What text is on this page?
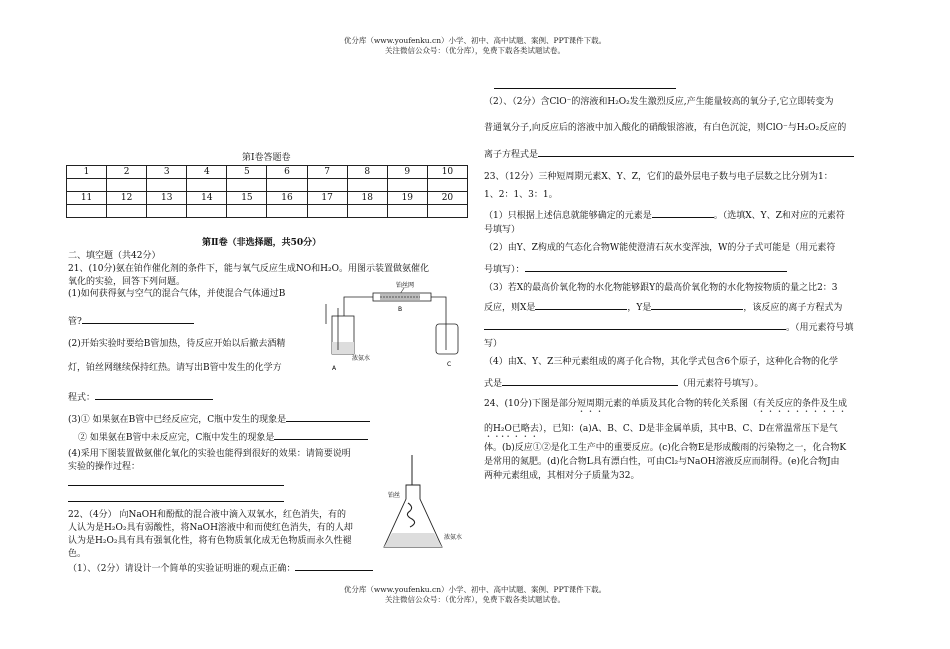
优分库（www.youfenku.cn）小学、初中、高中试题、案例、PPT课件下载。
关注微信公众号：（优分库），免费下载各类试题试卷。
第Ⅰ卷答题卷
1	2	3	4	5	6	7	8	9	10

11	12	13	14	15	16	17	18	19	20

第Ⅱ卷（非选择题，共50分）
二、填空题（共42分）
21、(10分)氨在铂作催化剂的条件下，能与氧气反应生成NO和H₂O。用图示装置做氨催化
氧化的实验，回答下列问题。
(1)如何获得氨与空气的混合气体，并使混合气体通过B
管?
(2)开始实验时要给B管加热，待反应开始以后撤去酒精
灯，铂丝网继续保持红热。请写出B管中发生的化学方
程式：
(3)① 如果氨在B管中已经反应完，C瓶中发生的现象是
② 如果氨在B管中未反应完，C瓶中发生的现象是
(4)采用下图装置做氨催化氧化的实验也能得到很好的效果：请简要说明
实验的操作过程：
22、（4分） 向NaOH和酚酞的混合液中滴入双氧水，红色消失，有的
人认为是H₂O₂具有弱酸性，将NaOH溶液中和而使红色消失，有的人却
认为是H₂O₂具有具有强氧化性，将有色物质氧化成无色物质而永久性褪
色。
（1）、（2分）请设计一个简单的实验证明谁的观点正确：
铂丝网
B
浓氨水
A
C
铂丝
浓氨水
（2）、（2分）含ClO⁻的溶液和H₂O₂发生激烈反应,产生能量较高的氧分子,它立即转变为
普通氧分子,向反应后的溶液中加入酸化的硝酸银溶液，有白色沉淀，则ClO⁻与H₂O₂反应的
离子方程式是
23、（12分）三种短周期元素X、Y、Z，它们的最外层电子数与电子层数之比分别为1：
1、2：1、3：1。
（1）只根据上述信息就能够确定的元素是	。（选填X、Y、Z和对应的元素符
号填写）
（2）由Y、Z构成的气态化合物W能使澄清石灰水变浑浊，W的分子式可能是（用元素符
号填写）：
（3）若X的最高价氧化物的水化物能够跟Y的最高价氧化物的水化物按物质的量之比2：3
反应，则X是	，Y是	，该反应的离子方程式为
。（用元素符号填
写）
（4）由X、Y、Z三种元素组成的离子化合物，其化学式包含6个原子，这种化合物的化学
式是	（用元素符号填写）。
24、(10分)下图是部分短周期元素的单质及其化合物的转化关系图（有关反应的条件及生成
的H₂O已略去），已知：(a)A、B、C、D是非金属单质，其中B、C、D在常温常压下是气
体。(b)反应①②是化工生产中的重要反应。(c)化合物E是形成酸雨的污染物之一，化合物K
是常用的氮肥。(d)化合物L具有漂白性，可由Cl₂与NaOH溶液反应而制得。(e)化合物J由
两种元素组成，其相对分子质量为32。
优分库（www.youfenku.cn）小学、初中、高中试题、案例、PPT课件下载。
关注微信公众号：（优分库），免费下载各类试题试卷。
